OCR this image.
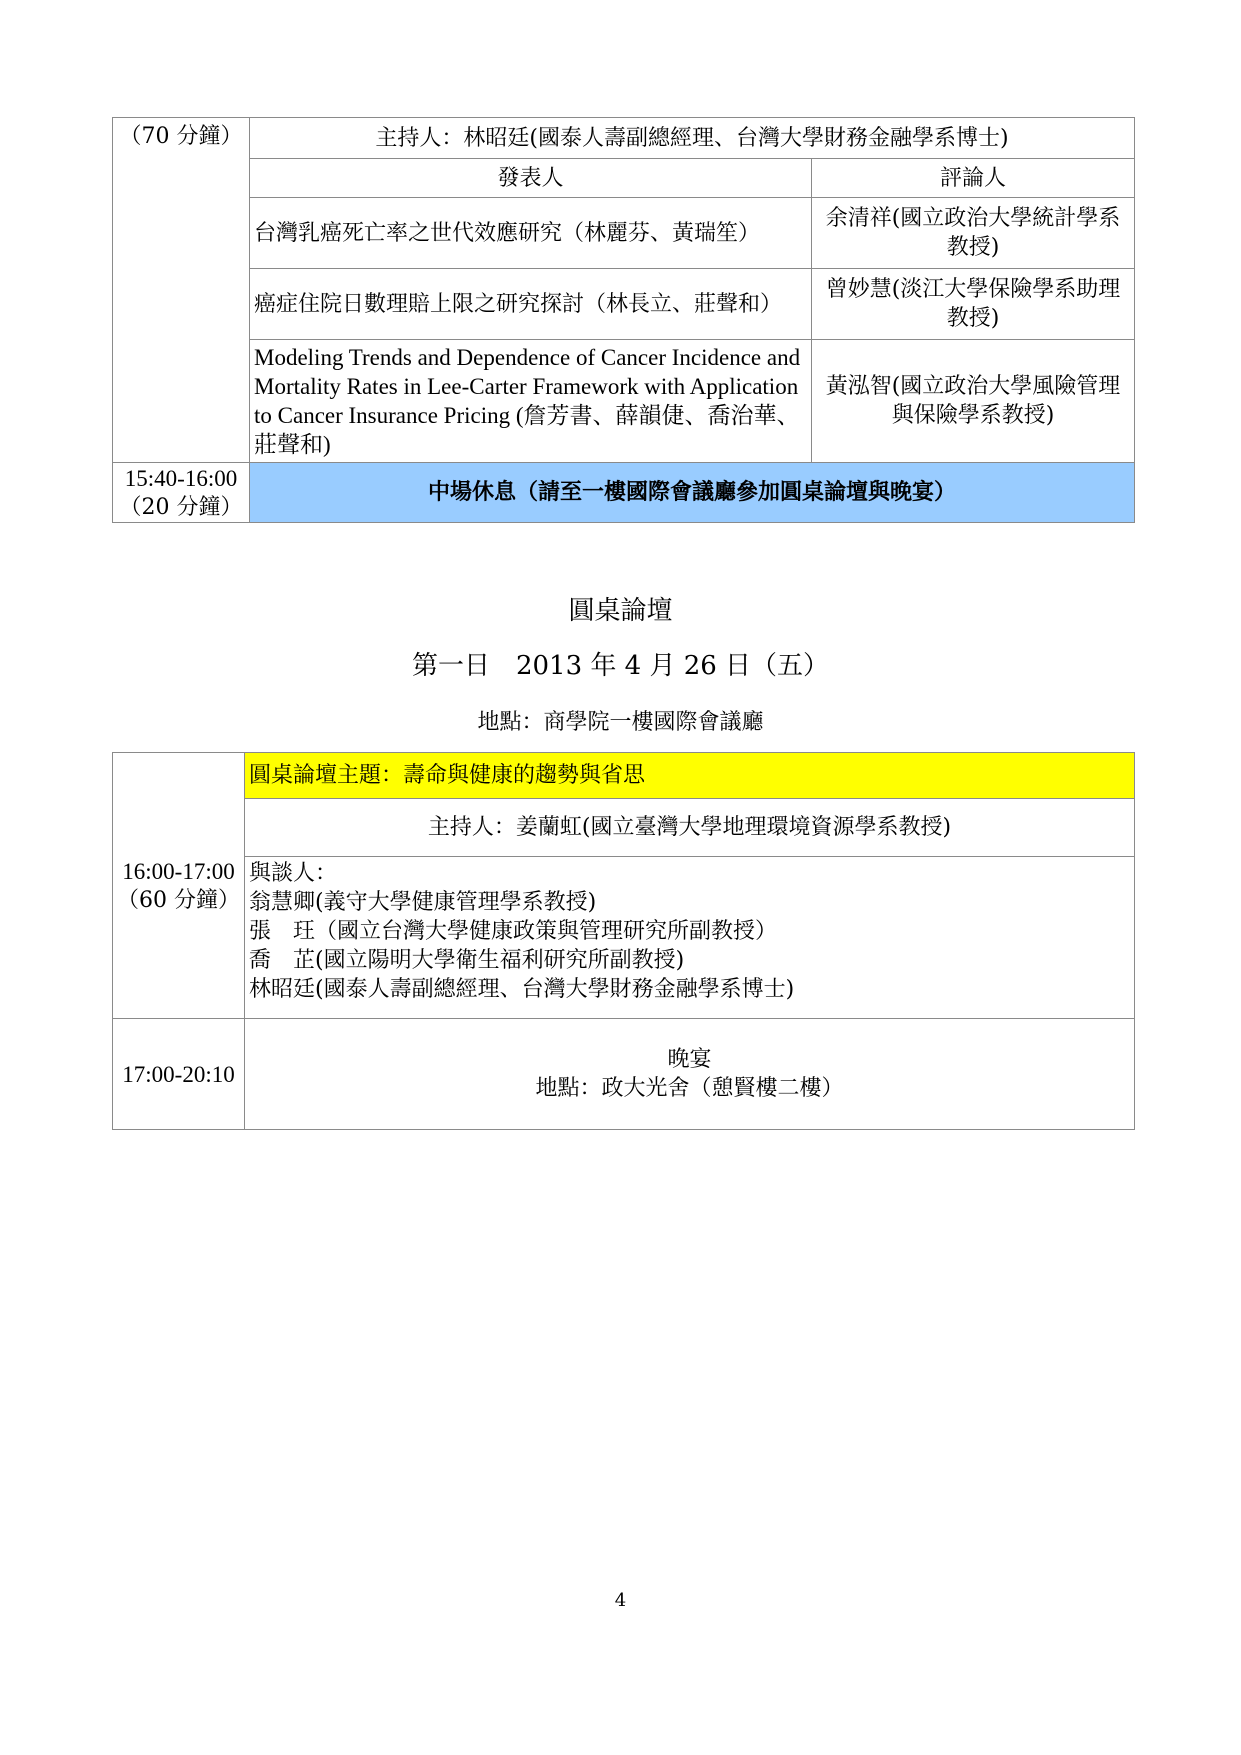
（70 分鐘）	主持人：林昭廷(國泰人壽副總經理、台灣大學財務金融學系博士)	
	發表人	評論人
	台灣乳癌死亡率之世代效應研究（林麗芬、黃瑞笙）	余清祥(國立政治大學統計學系教授)
	癌症住院日數理賠上限之研究探討（林長立、莊聲和）	曾妙慧(淡江大學保險學系助理教授)
	Modeling Trends and Dependence of Cancer Incidence and Mortality Rates in Lee-Carter Framework with Application to Cancer Insurance Pricing (詹芳書、薛韻倢、喬治華、莊聲和)	黃泓智(國立政治大學風險管理與保險學系教授)

15:40-16:00
（20 分鐘）	中場休息（請至一樓國際會議廳參加圓桌論壇與晚宴）	
圓桌論壇
第一日　2013 年 4 月 26 日（五）
地點：商學院一樓國際會議廳
16:00-17:00
（60 分鐘）	圓桌論壇主題：壽命與健康的趨勢與省思
	主持人：姜蘭虹(國立臺灣大學地理環境資源學系教授)

	與談人：
翁慧卿(義守大學健康管理學系教授)
張　玨（國立台灣大學健康政策與管理研究所副教授）
喬　芷(國立陽明大學衛生福利研究所副教授)
林昭廷(國泰人壽副總經理、台灣大學財務金融學系博士)

17:00-20:10	晚宴
地點：政大光舍（憩賢樓二樓）
4
